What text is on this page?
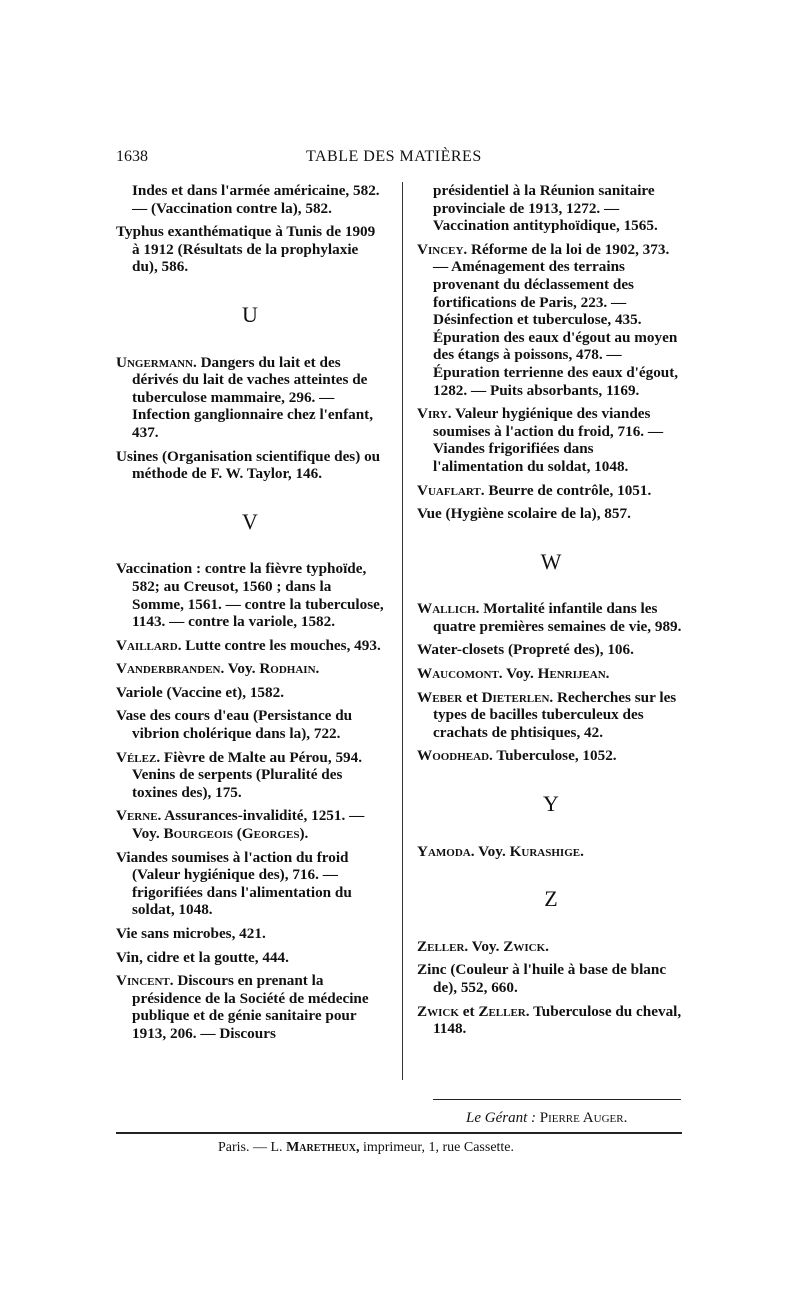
1638	TABLE DES MATIÈRES
Indes et dans l'armée américaine, 582. — (Vaccination contre la), 582.
Typhus exanthématique à Tunis de 1909 à 1912 (Résultats de la prophylaxie du), 586.
U
Ungermann. Dangers du lait et des dérivés du lait de vaches atteintes de tuberculose mammaire, 296. — Infection ganglionnaire chez l'enfant, 437.
Usines (Organisation scientifique des) ou méthode de F. W. Taylor, 146.
V
Vaccination : contre la fièvre typhoïde, 582; au Creusot, 1560 ; dans la Somme, 1561. — contre la tuberculose, 1143. — contre la variole, 1582.
Vaillard. Lutte contre les mouches, 493.
Vanderbranden. Voy. Rodhain.
Variole (Vaccine et), 1582.
Vase des cours d'eau (Persistance du vibrion cholérique dans la), 722.
Vélez. Fièvre de Malte au Pérou, 594. Venins de serpents (Pluralité des toxines des), 175.
Verne. Assurances-invalidité, 1251. — Voy. Bourgeois (Georges).
Viandes soumises à l'action du froid (Valeur hygiénique des), 716. — frigorifiées dans l'alimentation du soldat, 1048.
Vie sans microbes, 421.
Vin, cidre et la goutte, 444.
Vincent. Discours en prenant la présidence de la Société de médecine publique et de génie sanitaire pour 1913, 206. — Discours
présidentiel à la Réunion sanitaire provinciale de 1913, 1272. — Vaccination antityphoïdique, 1565.
Vincey. Réforme de la loi de 1902, 373. — Aménagement des terrains provenant du déclassement des fortifications de Paris, 223. — Désinfection et tuberculose, 435. Épuration des eaux d'égout au moyen des étangs à poissons, 478. — Épuration terrienne des eaux d'égout, 1282. — Puits absorbants, 1169.
Viry. Valeur hygiénique des viandes soumises à l'action du froid, 716. — Viandes frigorifiées dans l'alimentation du soldat, 1048.
Vuaflart. Beurre de contrôle, 1051.
Vue (Hygiène scolaire de la), 857.
W
Wallich. Mortalité infantile dans les quatre premières semaines de vie, 989.
Water-closets (Propreté des), 106.
Waucomont. Voy. Henrijean.
Weber et Dieterlen. Recherches sur les types de bacilles tuberculeux des crachats de phtisiques, 42.
Woodhead. Tuberculose, 1052.
Y
Yamoda. Voy. Kurashige.
Z
Zeller. Voy. Zwick.
Zinc (Couleur à l'huile à base de blanc de), 552, 660.
Zwick et Zeller. Tuberculose du cheval, 1148.
Le Gérant : Pierre Auger.
Paris. — L. Maretheux, imprimeur, 1, rue Cassette.
